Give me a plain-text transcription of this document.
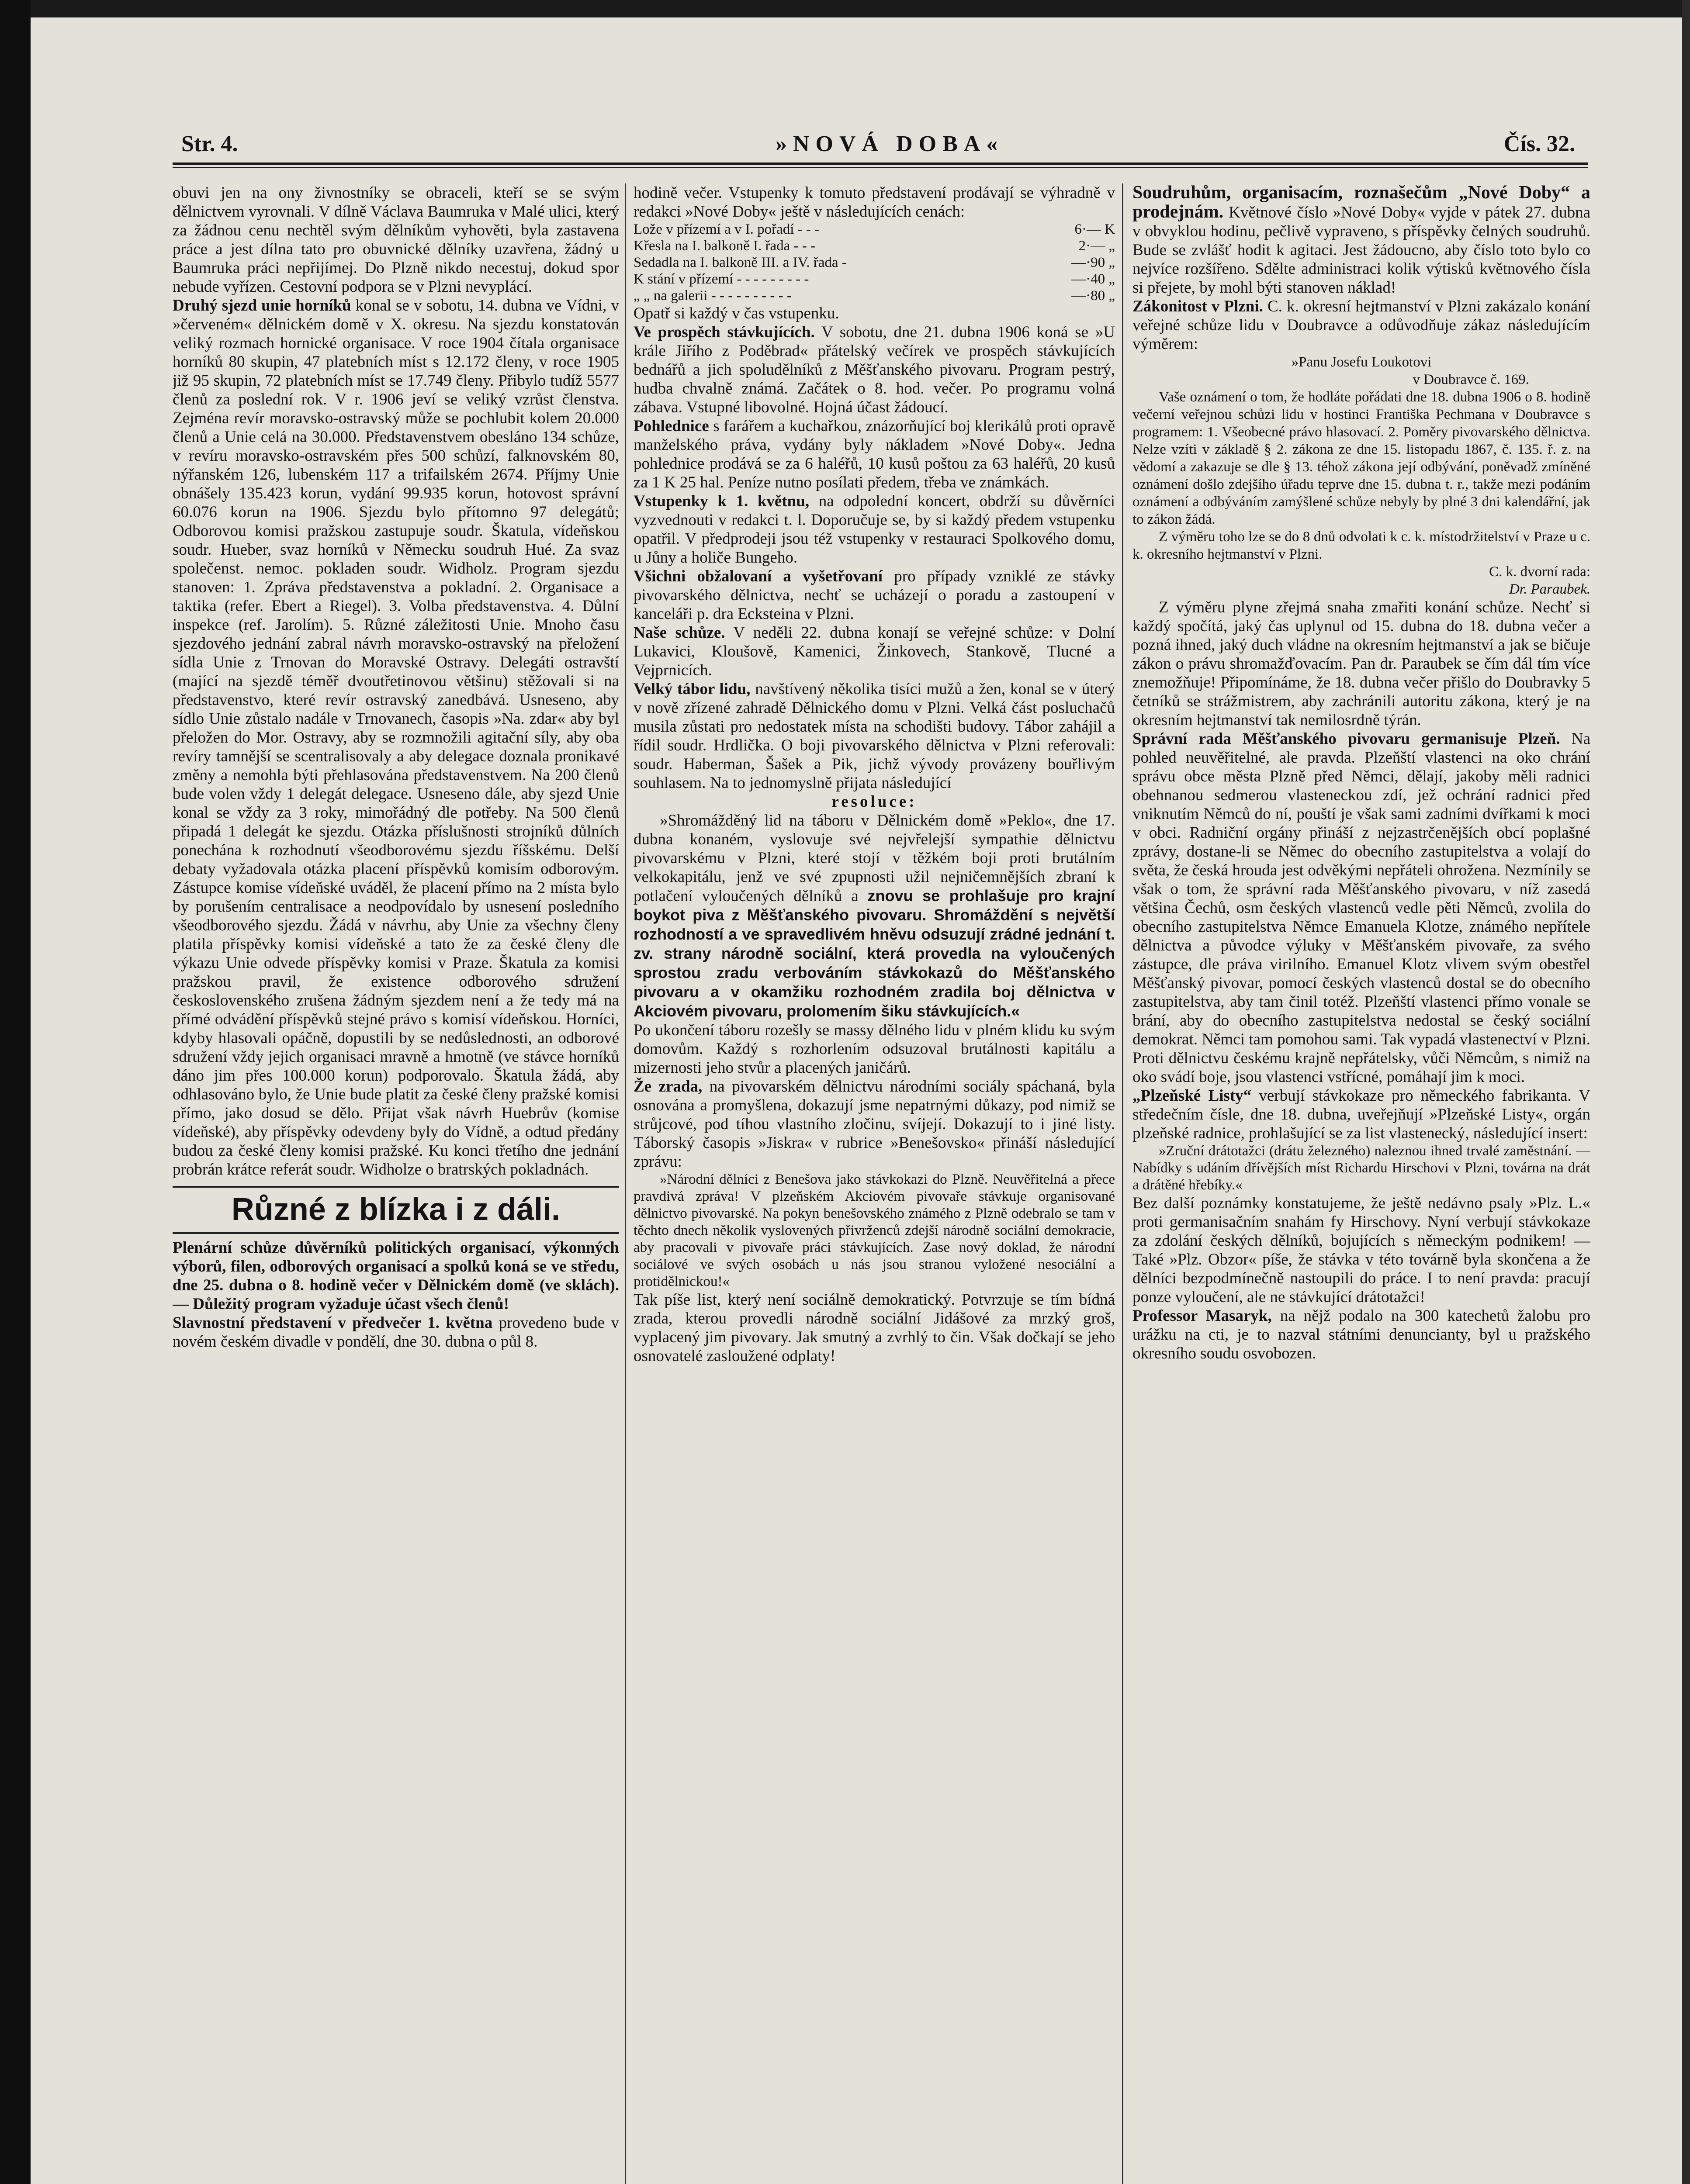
Str. 4.	»NOVÁ DOBA«	Čís. 32.

obuvi jen na ony živnostníky se obraceli, kteří se se svým dělnictvem vyrovnali. V dílně Václava Baumruka v Malé ulici, který za žádnou cenu nechtěl svým dělníkům vyhověti, byla zastavena práce a jest dílna tato pro obuvnické dělníky uzavřena, žádný u Baumruka práci nepřijímej. Do Plzně nikdo necestuj, dokud spor nebude vyřízen. Cestovní podpora se v Plzni nevyplácí.

Druhý sjezd unie horníků konal se v sobotu, 14. dubna ve Vídni, v »červeném« dělnickém domě v X. okresu. Na sjezdu konstatován veliký rozmach hornické organisace. V roce 1904 čítala organisace horníků 80 skupin, 47 platebních míst s 12.172 členy, v roce 1905 již 95 skupin, 72 platebních míst se 17.749 členy. Přibylo tudíž 5577 členů za poslední rok. V r. 1906 jeví se veliký vzrůst členstva. Zejména revír moravsko-ostravský může se pochlubit kolem 20.000 členů a Unie celá na 30.000. Představenstvem obesláno 134 schůze, v revíru moravsko-ostravském přes 500 schůzí, falknovském 80, nýřanském 126, lubenském 117 a trifailském 2674. Příjmy Unie obnášely 135.423 korun, vydání 99.935 korun, hotovost správní 60.076 korun na 1906. Sjezdu bylo přítomno 97 delegátů; Odborovou komisi pražskou zastupuje soudr. Škatula, vídeňskou soudr. Hueber, svaz horníků v Německu soudruh Hué. Za svaz společenst. nemoc. pokladen soudr. Widholz. Program sjezdu stanoven: 1. Zpráva představenstva a pokladní. 2. Organisace a taktika (refer. Ebert a Riegel). 3. Volba představenstva. 4. Důlní inspekce (ref. Jarolím). 5. Různé záležitosti Unie. Mnoho času sjezdového jednání zabral návrh moravsko-ostravský na přeložení sídla Unie z Trnovan do Moravské Ostravy. Delegáti ostravští (mající na sjezdě téměř dvoutřetinovou většinu) stěžovali si na představenstvo, které revír ostravský zanedbává. Usneseno, aby sídlo Unie zůstalo nadále v Trnovanech, časopis »Na. zdar« aby byl přeložen do Mor. Ostravy, aby se rozmnožili agitační síly, aby oba revíry tamnější se scentralisovaly a aby delegace doznala pronikavé změny a nemohla býti přehlasována představenstvem. Na 200 členů bude volen vždy 1 delegát delegace. Usneseno dále, aby sjezd Unie konal se vždy za 3 roky, mimořádný dle potřeby. Na 500 členů připadá 1 delegát ke sjezdu. Otázka příslušnosti strojníků důlních ponechána k rozhodnutí všeodborovému sjezdu říšskému. Delší debaty vyžadovala otázka placení příspěvků komisím odborovým. Zástupce komise vídeňské uváděl, že placení přímo na 2 místa bylo by porušením centralisace a neodpovídalo by usnesení posledního všeodborového sjezdu. Žádá v návrhu, aby Unie za všechny členy platila příspěvky komisi vídeňské a tato že za české členy dle výkazu Unie odvede příspěvky komisi v Praze. Škatula za komisi pražskou pravil, že existence odborového sdružení československého zrušena žádným sjezdem není a že tedy má na přímé odvádění příspěvků stejné právo s komisí vídeňskou. Horníci, kdyby hlasovali opáčně, dopustili by se nedůslednosti, an odborové sdružení vždy jejich organisaci mravně a hmotně (ve stávce horníků dáno jim přes 100.000 korun) podporovalo. Škatula žádá, aby odhlasováno bylo, že Unie bude platit za české členy pražské komisi přímo, jako dosud se dělo. Přijat však návrh Huebrův (komise vídeňské), aby příspěvky odevdeny byly do Vídně, a odtud předány budou za české členy komisi pražské. Ku konci třetího dne jednání probrán krátce referát soudr. Widholze o bratrských pokladnách.

Různé z blízka i z dáli.

Plenární schůze důvěrníků politických organisací, výkonných výborů, filen, odborových organisací a spolků koná se ve středu, dne 25. dubna o 8. hodině večer v Dělnickém domě (ve sklách). — Důležitý program vyžaduje účast všech členů!

Slavnostní představení v předvečer 1. května provedeno bude v novém českém divadle v pondělí, dne 30. dubna o půl 8.

hodině večer. Vstupenky k tomuto představení prodávají se výhradně v redakci »Nové Doby« ještě v následujících cenách:

Lože v přízemí a v I. pořadí - - -	6·— K
Křesla na I. balkoně I. řada - - -	2·— „
Sedadla na I. balkoně III. a IV. řada -	—·90 „
K stání v přízemí - - - - - - - - -	—·40 „
„ „ na galerii - - - - - - - - - -	—·80 „

Opatř si každý v čas vstupenku.

Ve prospěch stávkujících. V sobotu, dne 21. dubna 1906 koná se »U krále Jiřího z Poděbrad« přátelský večírek ve prospěch stávkujících bednářů a jich spoludělníků z Měšťanského pivovaru. Program pestrý, hudba chvalně známá. Začátek o 8. hod. večer. Po programu volná zábava. Vstupné libovolné. Hojná účast žádoucí.

Pohlednice s farářem a kuchařkou, znázorňující boj klerikálů proti opravě manželského práva, vydány byly nákladem »Nové Doby«. Jedna pohlednice prodává se za 6 haléřů, 10 kusů poštou za 63 haléřů, 20 kusů za 1 K 25 hal. Peníze nutno posílati předem, třeba ve známkách.

Vstupenky k 1. květnu, na odpolední koncert, obdrží su důvěrníci vyzvednouti v redakci t. l. Doporučuje se, by si každý předem vstupenku opatřil. V předprodeji jsou též vstupenky v restauraci Spolkového domu, u Jůny a holiče Bungeho.

Všichni obžalovaní a vyšetřovaní pro případy vzniklé ze stávky pivovarského dělnictva, nechť se ucházejí o poradu a zastoupení v kanceláři p. dra Ecksteina v Plzni.

Naše schůze. V neděli 22. dubna konají se veřejné schůze: v Dolní Lukavici, Kloušově, Kamenici, Žinkovech, Stankově, Tlucné a Vejprnicích.

Velký tábor lidu, navštívený několika tisíci mužů a žen, konal se v úterý v nově zřízené zahradě Dělnického domu v Plzni. Velká část posluchačů musila zůstati pro nedostatek místa na schodišti budovy. Tábor zahájil a řídil soudr. Hrdlička. O boji pivovarského dělnictva v Plzni referovali: soudr. Haberman, Šašek a Pik, jichž vývody provázeny bouřlivým souhlasem. Na to jednomyslně přijata následující

resoluce:

»Shromážděný lid na táboru v Dělnickém domě »Peklo«, dne 17. dubna konaném, vyslovuje své nejvřelejší sympathie dělnictvu pivovarskému v Plzni, které stojí v těžkém boji proti brutálním velkokapitálu, jenž ve své zpupnosti užil nejničemnějších zbraní k potlačení vyloučených dělníků a znovu se prohlašuje pro krajní boykot piva z Měšťanského pivovaru. Shromáždění s největší rozhodností a ve spravedlivém hněvu odsuzují zrádné jednání t. zv. strany národně sociální, která provedla na vyloučených sprostou zradu verbováním stávkokazů do Měšťanského pivovaru a v okamžiku rozhodném zradila boj dělnictva v Akciovém pivovaru, prolomením šiku stávkujících.«

Po ukončení táboru rozešly se massy dělného lidu v plném klidu ku svým domovům. Každý s rozhorlením odsuzoval brutálnosti kapitálu a mizernosti jeho stvůr a placených janičárů.

Že zrada, na pivovarském dělnictvu národními sociály spáchaná, byla osnována a promyšlena, dokazují jsme nepatrnými důkazy, pod nimiž se strůjcové, pod tíhou vlastního zločinu, svíjejí. Dokazují to i jiné listy. Táborský časopis »Jiskra« v rubrice »Benešovsko« přináší následující zprávu:

»Národní dělníci z Benešova jako stávkokazi do Plzně. Neuvěřitelná a přece pravdivá zpráva! V plzeňském Akciovém pivovaře stávkuje organisované dělnictvo pivovarské. Na pokyn benešovského známého z Plzně odebralo se tam v těchto dnech několik vyslovených přivrženců zdejší národně sociální demokracie, aby pracovali v pivovaře práci stávkujících. Zase nový doklad, že národní sociálové ve svých osobách u nás jsou stranou vyložené nesociální a protidělnickou!«

Tak píše list, který není sociálně demokratický. Potvrzuje se tím bídná zrada, kterou provedli národně sociální Jidášové za mrzký groš, vyplacený jim pivovary. Jak smutný a zvrhlý to čin. Však dočkají se jeho osnovatelé zasloužené odplaty!

Soudruhům, organisacím, roznašečům „Nové Doby“ a prodejnám. Květnové číslo »Nové Doby« vyjde v pátek 27. dubna v obvyklou hodinu, pečlivě vypraveno, s příspěvky čelných soudruhů. Bude se zvlášť hodit k agitaci. Jest žádoucno, aby číslo toto bylo co nejvíce rozšířeno. Sdělte administraci kolik výtisků květnového čísla si přejete, by mohl býti stanoven náklad!

Zákonitost v Plzni. C. k. okresní hejtmanství v Plzni zakázalo konání veřejné schůze lidu v Doubravce a odůvodňuje zákaz následujícím výměrem:

»Panu Josefu Loukotovi

v Doubravce č. 169.

Vaše oznámení o tom, že hodláte pořádati dne 18. dubna 1906 o 8. hodině večerní veřejnou schůzi lidu v hostinci Františka Pechmana v Doubravce s programem: 1. Všeobecné právo hlasovací. 2. Poměry pivovarského dělnictva. Nelze vzíti v základě § 2. zákona ze dne 15. listopadu 1867, č. 135. ř. z. na vědomí a zakazuje se dle § 13. téhož zákona její odbývání, poněvadž zmíněné oznámení došlo zdejšího úřadu teprve dne 15. dubna t. r., takže mezi podáním oznámení a odbýváním zamýšlené schůze nebyly by plné 3 dni kalendářní, jak to zákon žádá.

Z výměru toho lze se do 8 dnů odvolati k c. k. místodržitelství v Praze u c. k. okresního hejtmanství v Plzni.

C. k. dvorní rada:

Dr. Paraubek.

Z výměru plyne zřejmá snaha zmařiti konání schůze. Nechť si každý spočítá, jaký čas uplynul od 15. dubna do 18. dubna večer a pozná ihned, jaký duch vládne na okresním hejtmanství a jak se bičuje zákon o právu shromažďovacím. Pan dr. Paraubek se čím dál tím více znemožňuje! Připomínáme, že 18. dubna večer přišlo do Doubravky 5 četníků se strážmistrem, aby zachránili autoritu zákona, který je na okresním hejtmanství tak nemilosrdně týrán.

Správní rada Měšťanského pivovaru germanisuje Plzeň. Na pohled neuvěřitelné, ale pravda. Plzeňští vlastenci na oko chrání správu obce města Plzně před Němci, dělají, jakoby měli radnici obehnanou sedmerou vlasteneckou zdí, jež ochrání radnici před vniknutím Němců do ní, pouští je však sami zadními dvířkami k moci v obci. Radniční orgány přináší z nejzastrčenějších obcí poplašné zprávy, dostane-li se Němec do obecního zastupitelstva a volají do světa, že česká hrouda jest odvěkými nepřáteli ohrožena. Nezmínily se však o tom, že správní rada Měšťanského pivovaru, v níž zasedá většina Čechů, osm českých vlastenců vedle pěti Němců, zvolila do obecního zastupitelstva Němce Emanuela Klotze, známého nepřítele dělnictva a původce výluky v Měšťanském pivovaře, za svého zástupce, dle práva virilního. Emanuel Klotz vlivem svým obestřel Měšťanský pivovar, pomocí českých vlastenců dostal se do obecního zastupitelstva, aby tam činil totéž. Plzeňští vlastenci přímo vonale se brání, aby do obecního zastupitelstva nedostal se český sociální demokrat. Němci tam pomohou sami. Tak vypadá vlastenectví v Plzni. Proti dělnictvu českému krajně nepřátelsky, vůči Němcům, s nimiž na oko svádí boje, jsou vlastenci vstřícné, pomáhají jim k moci.

„Plzeňské Listy“ verbují stávkokaze pro německého fabrikanta. V středečním čísle, dne 18. dubna, uveřejňují »Plzeňské Listy«, orgán plzeňské radnice, prohlašující se za list vlastenecký, následující insert:

»Zruční drátotažci (drátu železného) naleznou ihned trvalé zaměstnání. — Nabídky s udáním dřívějších míst Richardu Hirschovi v Plzni, továrna na drát a drátěné hřebíky.«

Bez další poznámky konstatujeme, že ještě nedávno psaly »Plz. L.« proti germanisačním snahám fy Hirschovy. Nyní verbují stávkokaze za zdolání českých dělníků, bojujících s německým podnikem! — Také »Plz. Obzor« píše, že stávka v této továrně byla skončena a že dělníci bezpodmínečně nastoupili do práce. I to není pravda: pracují ponze vyloučení, ale ne stávkující drátotažci!

Professor Masaryk, na nějž podalo na 300 katechetů žalobu pro urážku na cti, je to nazval státními denuncianty, byl u pražského okresního soudu osvobozen.
